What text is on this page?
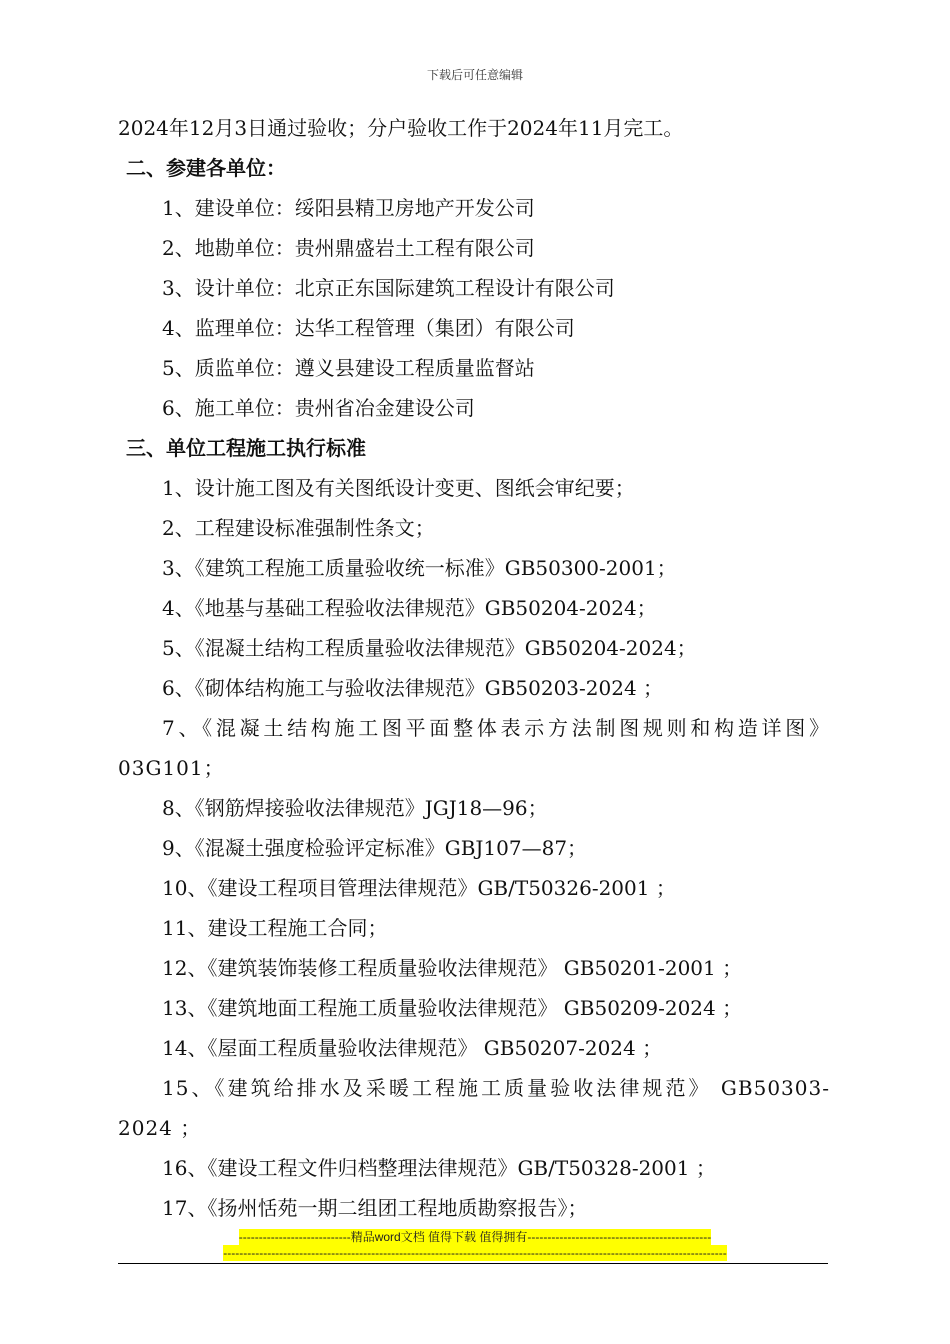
下载后可任意编辑
2024年12月3日通过验收；分户验收工作于2024年11月完工。
二、参建各单位：
1、建设单位：绥阳县精卫房地产开发公司
2、地勘单位：贵州鼎盛岩土工程有限公司
3、设计单位：北京正东国际建筑工程设计有限公司
4、监理单位：达华工程管理（集团）有限公司
5、质监单位：遵义县建设工程质量监督站
6、施工单位：贵州省冶金建设公司
三、单位工程施工执行标准
1、设计施工图及有关图纸设计变更、图纸会审纪要；
2、工程建设标准强制性条文；
3、《建筑工程施工质量验收统一标准》GB50300-2001；
4、《地基与基础工程验收法律规范》GB50204-2024；
5、《混凝土结构工程质量验收法律规范》GB50204-2024；
6、《砌体结构施工与验收法律规范》GB50203-2024 ；
7、《混凝土结构施工图平面整体表示方法制图规则和构造详图》03G101；
8、《钢筋焊接验收法律规范》JGJ18—96；
9、《混凝土强度检验评定标准》GBJ107—87；
10、《建设工程项目管理法律规范》GB/T50326-2001 ；
11、建设工程施工合同；
12、《建筑装饰装修工程质量验收法律规范》 GB50201-2001 ；
13、《建筑地面工程施工质量验收法律规范》 GB50209-2024 ；
14、《屋面工程质量验收法律规范》 GB50207-2024 ；
15、《建筑给排水及采暖工程施工质量验收法律规范》 GB50303-2024 ；
16、《建设工程文件归档整理法律规范》GB/T50328-2001 ；
17、《扬州恬苑一期二组团工程地质勘察报告》；
----------------------------精品word文档 值得下载 值得拥有----------------------------------------------
------------------------------------------------------------------------------------------------------------------------------
